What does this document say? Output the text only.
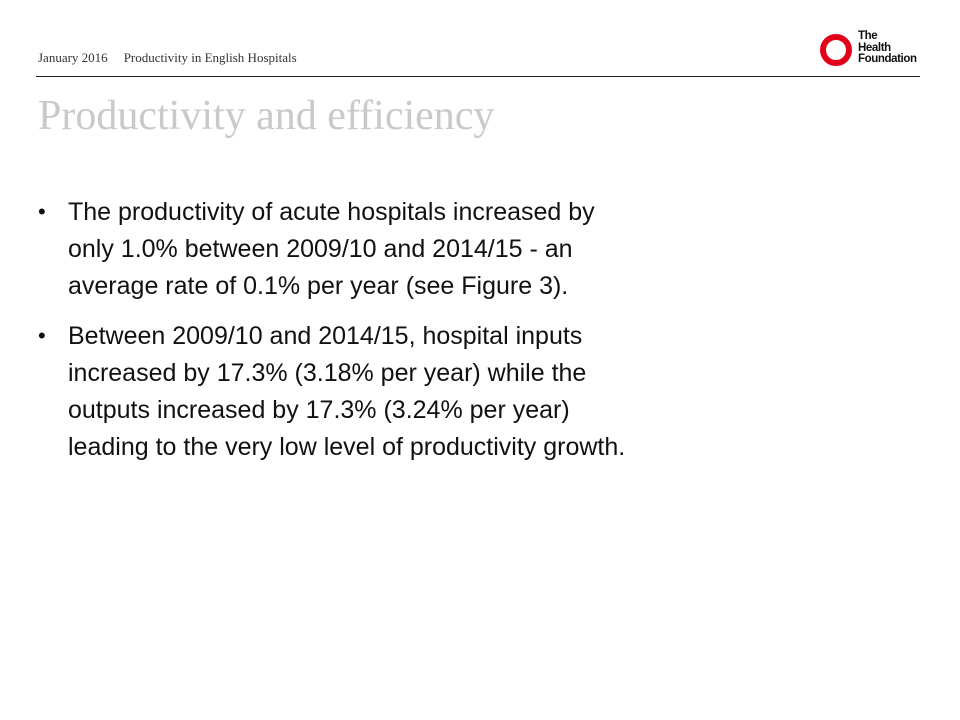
January 2016 Productivity in English Hospitals
The
Health
Foundation
Productivity and efficiency
• The productivity of acute hospitals increased by
only 1.0% between 2009/10 and 2014/15 - an
average rate of 0.1% per year (see Figure 3).
• Between 2009/10 and 2014/15, hospital inputs
increased by 17.3% (3.18% per year) while the
outputs increased by 17.3% (3.24% per year)
leading to the very low level of productivity growth.
